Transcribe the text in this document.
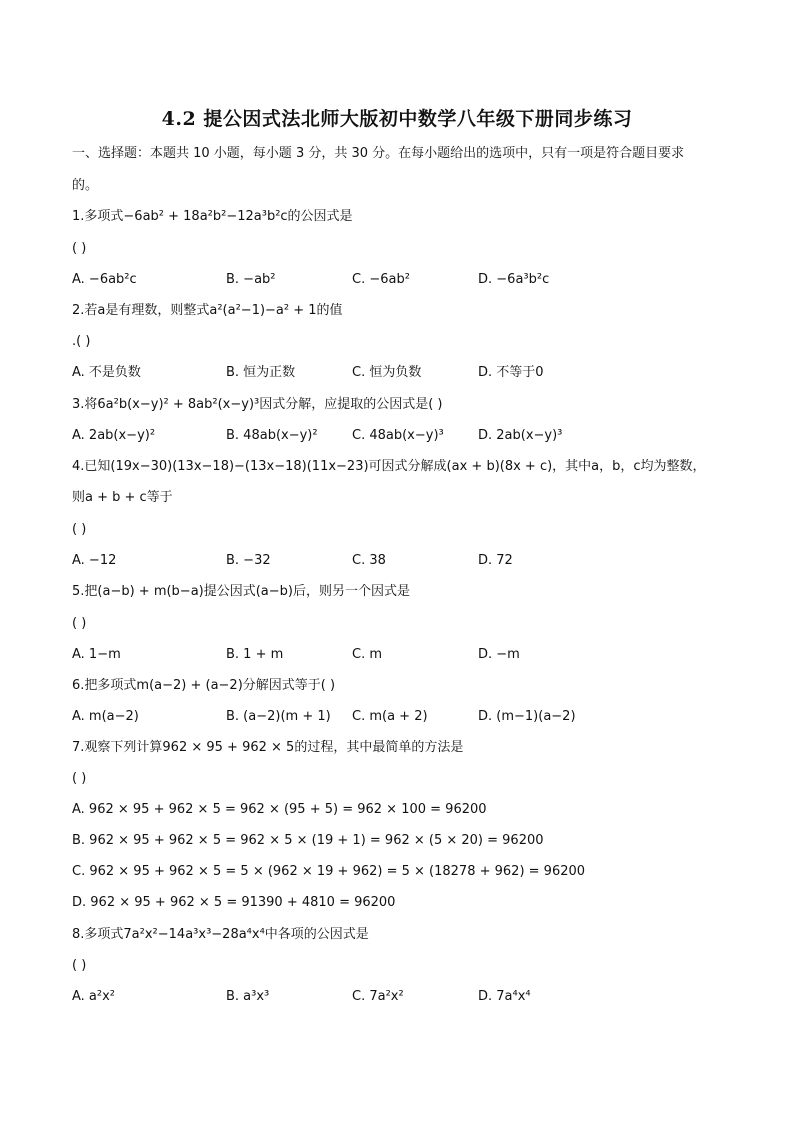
4.2 提公因式法北师大版初中数学八年级下册同步练习
一、选择题：本题共 10 小题，每小题 3 分，共 30 分。在每小题给出的选项中，只有一项是符合题目要求
的。
1.多项式−6ab² + 18a²b²−12a³b²c的公因式是
( )
A. −6ab²c	B. −ab²	C. −6ab²	D. −6a³b²c
2.若a是有理数，则整式a²(a²−1)−a² + 1的值
.( )
A. 不是负数	B. 恒为正数	C. 恒为负数	D. 不等于0
3.将6a²b(x−y)² + 8ab²(x−y)³因式分解，应提取的公因式是( )
A. 2ab(x−y)²	B. 48ab(x−y)²	C. 48ab(x−y)³	D. 2ab(x−y)³
4.已知(19x−30)(13x−18)−(13x−18)(11x−23)可因式分解成(ax + b)(8x + c)，其中a，b，c均为整数，
则a + b + c等于
( )
A. −12	B. −32	C. 38	D. 72
5.把(a−b) + m(b−a)提公因式(a−b)后，则另一个因式是
( )
A. 1−m	B. 1 + m	C. m	D. −m
6.把多项式m(a−2) + (a−2)分解因式等于( )
A. m(a−2)	B. (a−2)(m + 1) C. m(a + 2)	D. (m−1)(a−2)
7.观察下列计算962 × 95 + 962 × 5的过程，其中最简单的方法是
( )
A. 962 × 95 + 962 × 5 = 962 × (95 + 5) = 962 × 100 = 96200
B. 962 × 95 + 962 × 5 = 962 × 5 × (19 + 1) = 962 × (5 × 20) = 96200
C. 962 × 95 + 962 × 5 = 5 × (962 × 19 + 962) = 5 × (18278 + 962) = 96200
D. 962 × 95 + 962 × 5 = 91390 + 4810 = 96200
8.多项式7a²x²−14a³x³−28a⁴x⁴中各项的公因式是
( )
A. a²x²	B. a³x³	C. 7a²x²	D. 7a⁴x⁴
